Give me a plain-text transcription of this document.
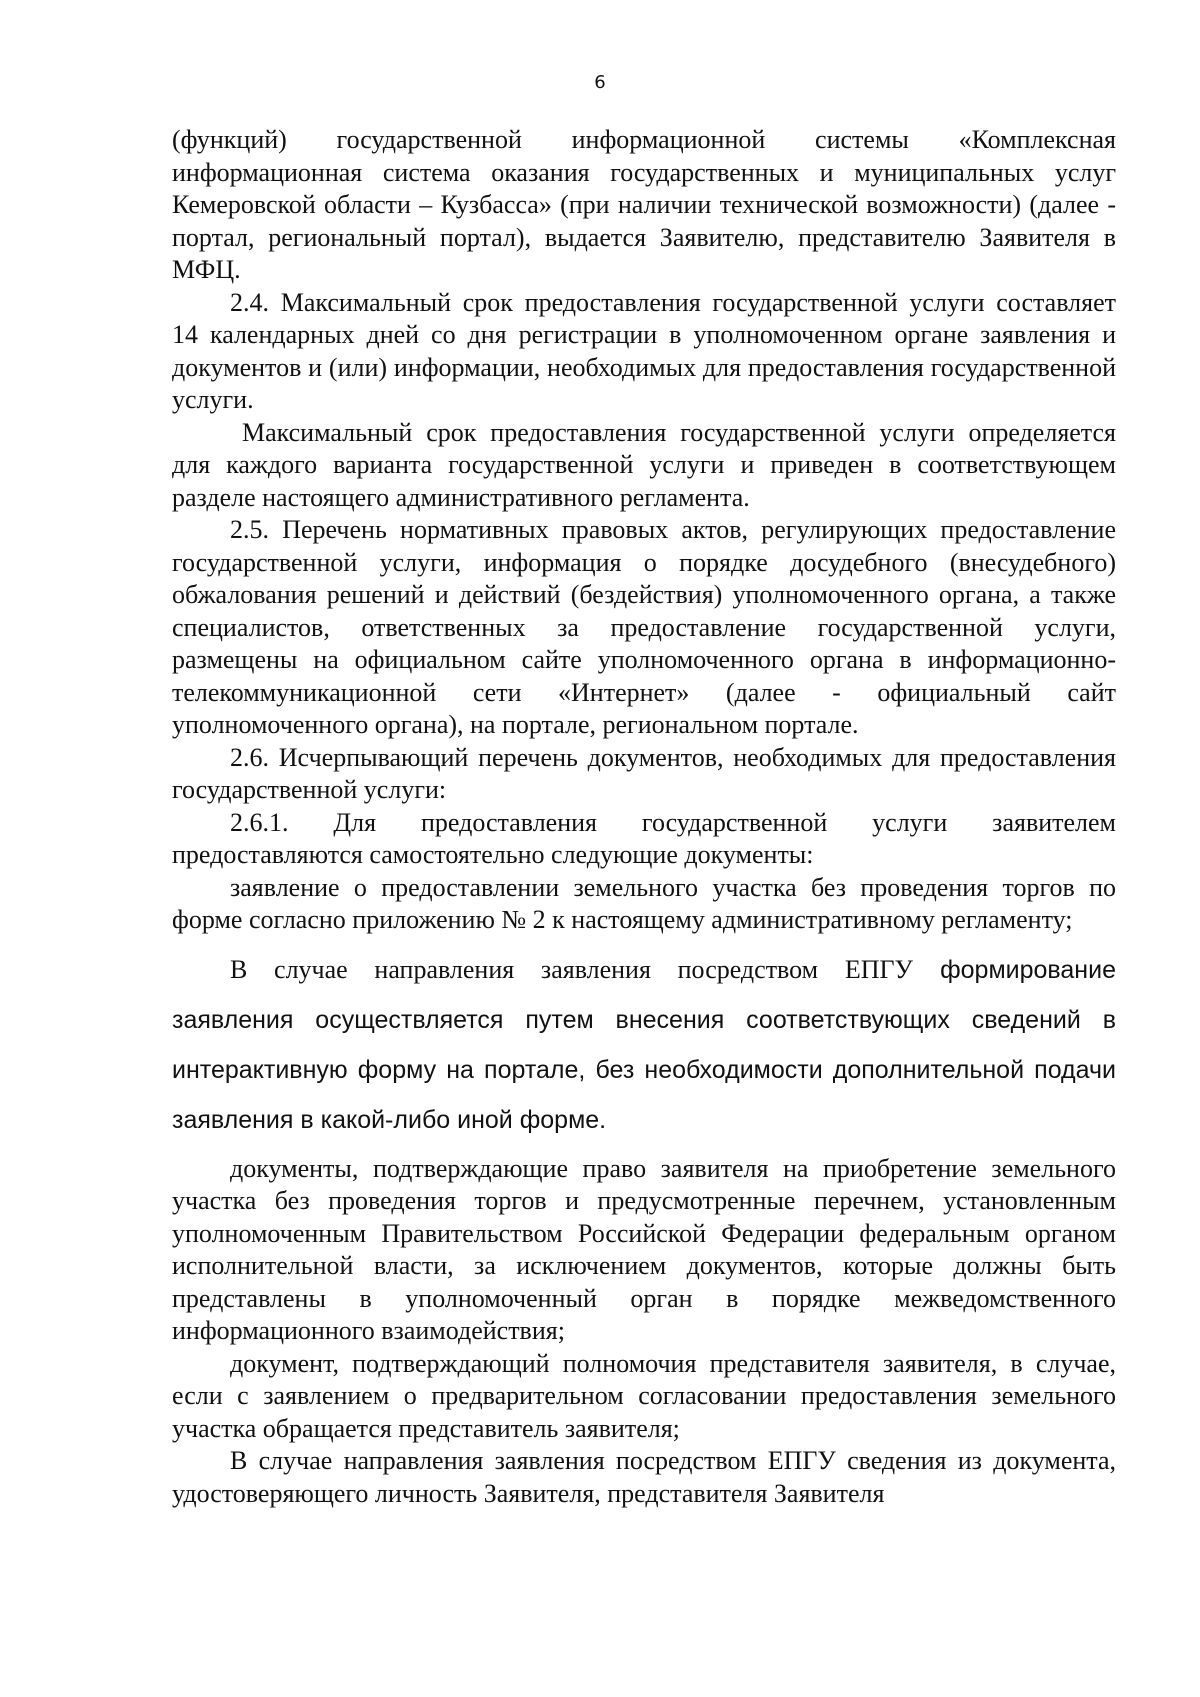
6

(функций) государственной информационной системы «Комплексная информационная система оказания государственных и муниципальных услуг Кемеровской области – Кузбасса» (при наличии технической возможности) (далее - портал, региональный портал), выдается Заявителю, представителю Заявителя в МФЦ.

2.4. Максимальный срок предоставления государственной услуги составляет 14 календарных дней со дня регистрации в уполномоченном органе заявления и документов и (или) информации, необходимых для предоставления государственной услуги.

Максимальный срок предоставления государственной услуги определяется для каждого варианта государственной услуги и приведен в соответствующем разделе настоящего административного регламента.

2.5. Перечень нормативных правовых актов, регулирующих предоставление государственной услуги, информация о порядке досудебного (внесудебного) обжалования решений и действий (бездействия) уполномоченного органа, а также специалистов, ответственных за предоставление государственной услуги, размещены на официальном сайте уполномоченного органа в информационно-телекоммуникационной сети «Интернет» (далее - официальный сайт уполномоченного органа), на портале, региональном портале.

2.6. Исчерпывающий перечень документов, необходимых для предоставления государственной услуги:

2.6.1. Для предоставления государственной услуги заявителем предоставляются самостоятельно следующие документы:

заявление о предоставлении земельного участка без проведения торгов по форме согласно приложению № 2 к настоящему административному регламенту;

В случае направления заявления посредством ЕПГУ формирование заявления осуществляется путем внесения соответствующих сведений в интерактивную форму на портале, без необходимости дополнительной подачи заявления в какой-либо иной форме.

документы, подтверждающие право заявителя на приобретение земельного участка без проведения торгов и предусмотренные перечнем, установленным уполномоченным Правительством Российской Федерации федеральным органом исполнительной власти, за исключением документов, которые должны быть представлены в уполномоченный орган в порядке межведомственного информационного взаимодействия;

документ, подтверждающий полномочия представителя заявителя, в случае, если с заявлением о предварительном согласовании предоставления земельного участка обращается представитель заявителя;

В случае направления заявления посредством ЕПГУ сведения из документа, удостоверяющего личность Заявителя, представителя Заявителя
